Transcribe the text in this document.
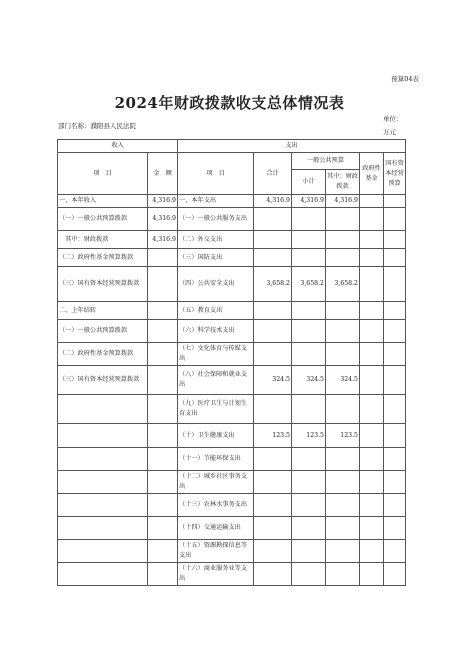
预算04表
2024年财政拨款收支总体情况表
部门名称：濮阳县人民法院
单位：万元
收入		支出					
项　目	金　额	项　目	合计	一般公共预算		政府性基金	国有资本经营预算
				小计	其中：财政拨款		
一、本年收入	4,316.9	一、本年支出	4,316.9	4,316.9	4,316.9		
（一）一般公共预算拨款	4,316.9	（一）一般公共服务支出					
　其中：财政拨款	4,316.9	（二）外交支出					
（二）政府性基金预算拨款		（三）国防支出					
（三）国有资本经营预算拨款		（四）公共安全支出	3,658.2	3,658.2	3,658.2		
二、上年结转		（五）教育支出					
（一）一般公共预算拨款		（六）科学技术支出					
（二）政府性基金预算拨款		（七）文化体育与传媒支出					
（三）国有资本经营预算拨款		（八）社会保障和就业支出	324.5	324.5	324.5		
		（九）医疗卫生与计划生育支出					
		（十）卫生健康支出	123.5	123.5	123.5		
		（十一）节能环保支出					
		（十二）城乡社区事务支出					
		（十三）农林水事务支出					
		（十四）交通运输支出					
		（十五）资源勘探信息等支出					
		（十六）商业服务业等支出					
